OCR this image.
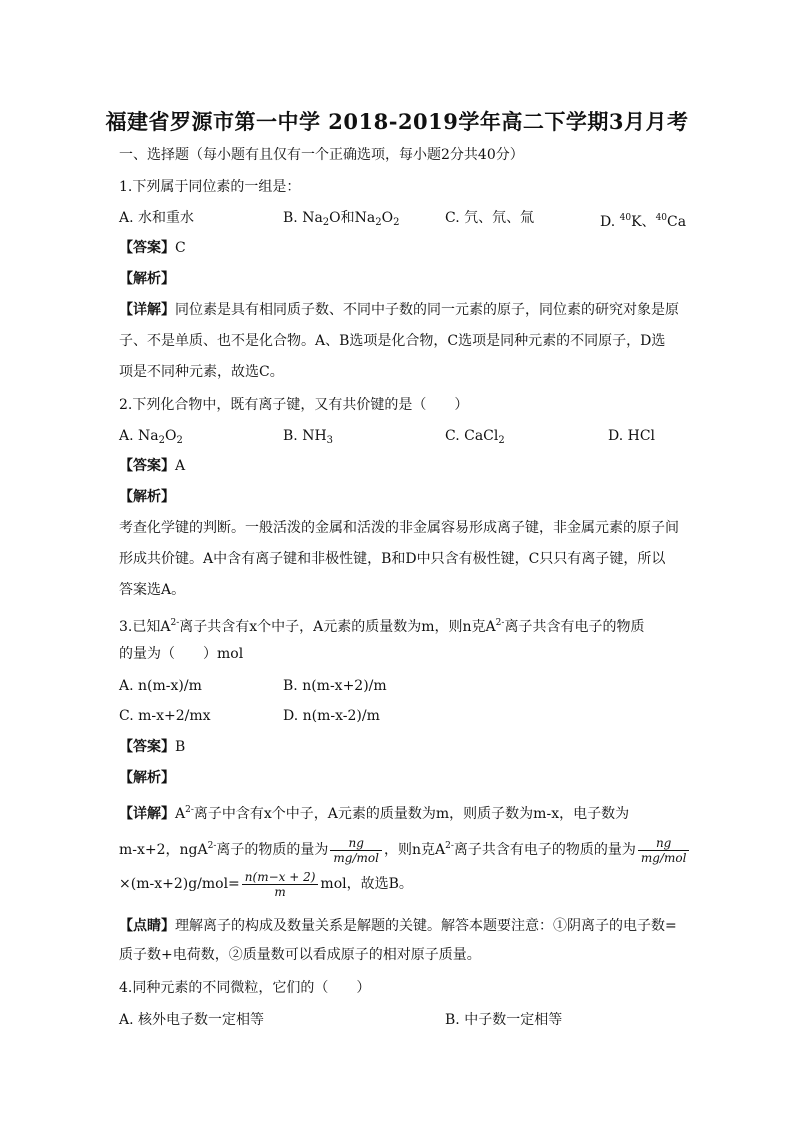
福建省罗源市第一中学 2018-2019学年高二下学期3月月考
一、选择题（每小题有且仅有一个正确选项，每小题2分共40分）
1.下列属于同位素的一组是：
A. 水和重水	B. $Na_2O$和$Na_2O_2$	C. 氕、氘、氚	D. $^{40}$K、$^{40}$Ca
【答案】C
【解析】
【详解】同位素是具有相同质子数、不同中子数的同一元素的原子，同位素的研究对象是原
子、不是单质、也不是化合物。A、B选项是化合物，C选项是同种元素的不同原子，D选
项是不同种元素，故选C。
2.下列化合物中，既有离子键，又有共价键的是（　　）
A. $Na_2O_2$	B. $NH_3$	C. CaCl$_2$	D. HCl
【答案】A
【解析】
考查化学键的判断。一般活泼的金属和活泼的非金属容易形成离子键，非金属元素的原子间
形成共价键。A中含有离子键和非极性键，B和D中只含有极性键，C只只有离子键，所以
答案选A。
3.已知$A^{2-}$离子共含有x个中子，A元素的质量数为m，则n克$A^{2-}$离子共含有电子的物质
的量为（　　）mol
A. n(m-x)/m	B. n(m-x+2)/m
C. m-x+2/mx	D. n(m-x-2)/m
【答案】B
【解析】
【详解】$A^{2-}$离子中含有x个中子，A元素的质量数为m，则质子数为m-x，电子数为
m-x+2，ngA$^{2-}$离子的物质的量为 $\frac{ng}{\text{mg/mol}}$ ，则n克$A^{2-}$离子共含有电子的物质的量为 $\frac{ng}{\text{mg/mol}}$
$\times(m-x+2)g/mol= \frac{n(m-x + 2)}{m}$ mol，故选B。
【点睛】理解离子的构成及数量关系是解题的关键。解答本题要注意：①阴离子的电子数=
质子数+电荷数，②质量数可以看成原子的相对原子质量。
4.同种元素的不同微粒，它们的（　　）
A. 核外电子数一定相等	B. 中子数一定相等
